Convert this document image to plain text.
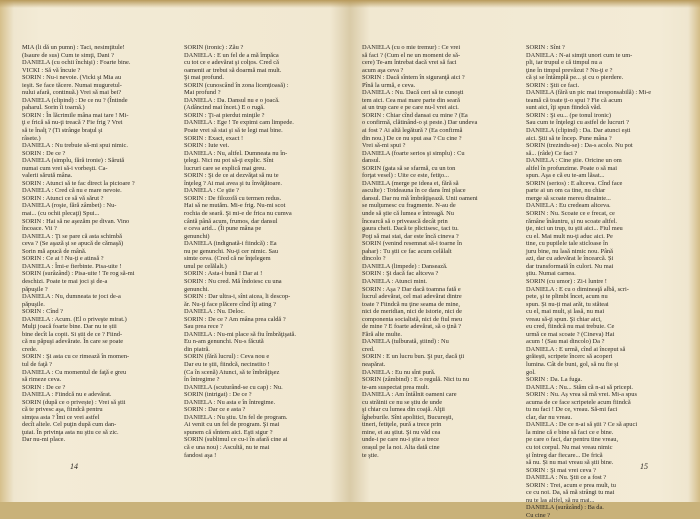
MIA (li dă un pumn) : Taci, nesimţitule!
(Isaure de sus) Cum te simţi, Dani ?
DANIELA (cu ochii închişi) : Foarte bine.
VICKI : Să vă încuie ?
SORIN : Nu-i nevoie. (Vicki şi Mia au
ieşit. Se face tăcere. Numai muguretul-
nului afară, continuă.) Vrei să mai bei?
DANIELA (clipind) : De ce nu ? (Întinde
paharul. Sorin îi toarnă.)
SORIN : În lăcrimile mâna mai tare ! Mi-
ţi e frică să nu-ţi treacă ? Fie frig ? Vrei
să te înalţ ? (Ti strânge braţul şi
râsete.)
DANIELA : Nu trebuie să-mi spui nimic.
SORIN : De ce ?
DANIELA (simplu, fără ironie) : Sărută
numai cum vrei să-i vorbeşti. Ca-
valerii sărută mâna.
SORIN : Atunci să te fac direct la picioare ?
DANIELA : Cred că nu e mare nevoie.
SORIN : Atunci ce să vă sărut ?
DANIELA (roşie, fără zâmbet) : Nu-
mai... (cu ochii plecaţi) Spui...
SORIN : Hai să ne aşezăm pe divan. Vino
încoace. Vii ?
DANIELA : Ţi se pare că asta schimbă
ceva ? (Se aşază şi se apucă de cămaşă)
Sorin mă apucă de mână.
SORIN : Ce ai ! Nu-ţi e atinsă ?
DANIELA : Îmi-e fierbinte. Pisa-uite !
SORIN (surâzând) : Pisa-uite ! Te rog să-mi
deschizi. Poate te mai joci şi de-a
păpuşile ?
DANIELA : Nu, dumneata te joci de-a
păpuşile.
SORIN : Cînd ?
DANIELA : Acum. (El o priveşte mirat.)
Mulţi joacă foarte bine. Dar nu te știi
bine decît la copii. Si știi de ce ? Fiind-
că nu păpuşi adevărate. În care se poate
crede.
SORIN : Şi asta cu ce rimează în momen-
tul de faţă ?
DANIELA : Cu momentul de faţă e greu
să rimeze ceva.
SORIN : De ce ?
DANIELA : Fiindcă nu e adevărat.
SORIN (după ce o privește) : Vrei să ştii
că te privesc aşa, fiindcă pentru
simţea asta ? Îmi ce vrei astfel
decît altele. Cel puţin după cum dan-
ţuiai. În privinţa asta nu ştiu ce să zic.
Dar nu-mi place.
SORIN (ironic) : Zău ?
DANIELA : E un fel de a mă împăca
cu tot ce e adevărat şi colţos. Cred că
oamenii ar trebui să doarmă mai mult.
Şi mai profund.
SORIN (cunoscând în zona licenţioasă) :
Mai profund ?
DANIELA : Da. Dansul nu e o joacă.
(Adâncind mai încet.) E o rugă.
SORIN : Ţi-ai pierdut minţile ?
DANIELA : Ege ! Te expimi cam limpede.
Poate vrei să stai şi să te legi mai bine.
SORIN : Exact, exact !
SORIN : Iute vei.
DANIELA : Nu, altfel. Dumneata nu în-
ţelegi. Nici nu pot să-ţi explic. Sînt
lucruri care se explică mai greu.
SORIN : Şi de ce ai dezvăţat să nu te
înţeleg ? Ai mai avea şi tu învăţătoare.
DANIELA : Ce ştie ?
SORIN : De filozofă cu termen redus.
Hai să ne mutăm. Mi-e frig. Nu-mi scot
rochia de seară. Şi mi-e de frica nu cumva
cântă până acum, frumos, dar dansul
e ceva arid... (Îi pune mâna pe
genunchi)
DANIELA (indignată-i fiindcă) : Ea
nu pe genunchi. Nu-ţi cer nimic. Sau
simte ceva. (Cred că ne înţelegem
unul pe celălalt.)
SORIN : Asta-i bună ! Dar ai !
SORIN : Nu cred. Mă îndoiesc cu una
genunchi.
SORIN : Dar ultra-i, sînt aicea, li descop-
ăr. Nu-ţi face plăcere cînd îţi ating ?
DANIELA : Nu. Deloc.
SORIN : De ce ? Am mâna prea caldă ?
Sau prea rece ?
DANIELA : Nu-mi place să fiu îmbrăţişată.
Eu n-am genunchi. Nu-s făcută
din piatră.
SORIN (fără lucrul) : Ceva nou e
Dar eu te ştii, fiindcă, necinstito !
(Ca în scenă) Atunci, să te îmbrăţişez
în întregime ?
DANIELA (scuturând-se cu cap) : Nu.
SORIN (intrigat) : De ce ?
DANIELA : Nu asta e în întregime.
SORIN : Dar ce e asta ?
DANIELA : Nu ştiu. Un fel de program.
Ai venit cu un fel de program. Şi mai
spunem că sîntem aici. Eşti sigur ?
SORIN (sublimul ce cu-i în afară cine ai
că e una nou) : Ascultă, nu te mai
fandosi aşa !
DANIELA (cu o mie tremur) : Ce vrei
să faci ? (Cum el ne un moment de să-
cere) Te-am întrebat dacă vrei să faci
acum aşa ceva ?
SORIN : Dacă sîntem în siguranţă aici ?
Pînă la urmă, e ceva.
DANIELA : Nu. Dacă ceri să te cunoşti
tem aici. Cea mai mare parte din seară
ai un trup care e pe care nu-l vrei aici.
SORIN : Chiar cînd dansai cu mine ? (Ea
o confirmă, clătinând-o şi peste.) Dar undeva
ai fost ? Ai altă legătură ? (Ea confirmă
din nou.) De ce nu spui asa ? Cu cine ?
Vrei să-mi spui ?
DANIELA (foarte serios şi simplu) : Cu
dansul.
SORIN (gata să se sfarmă, cu un ton
forţat vesel) : Uite ce este, fetiţo...
DANIELA (merge pe ideea ei, fără să
asculte) : Totdeauna în ce dans îmi place
dansul. Dar nu mă îmbrăţişează. Unii oameni
se mulţumesc cu fragmente. N-au de
unde să ştie că lumea e întreagă. Nu
încearcă să o privească decât prin
gaura cheii. Dacă te plictisesc, taci tu.
Poţi să mai stai, dar este încă cineva ?
SORIN (venind resemnat să-i toarne în
pahar) : Tu ştii ce fac acum celălalt
dincolo ?
DANIELA (limpede) : Dansează.
SORIN : Şi dacă fac altceva ?
DANIELA : Atunci mint.
SORIN : Aşa ? Dar dacă toamna fată e
lucrul adevărat, cel mai adevărat dintre
toate ? Fiindcă nu ţine seama de mine,
nici de meridian, nici de istorie, nici de
componenta socialistă, nici de fiul meu
de mine ? E foarte adevărat, să o ţină ?
Fără alte multe.
DANIELA (tulburată, ştiind) : Nu
cred.
SORIN : E un lucru bun. Şi pur, dacă ţii
neapărat.
DANIELA : Eu nu sînt pură.
SORIN (zâmbind) : E o regulă. Nici tu nu
te-am suspectat prea mult.
DANIELA : Am întâlnit oameni care
cu străinii ce nu se ştiu de unde
şi chiar cu lumea din coajă. Alţii
îgheburile. Sînt apolitici, Bucureşti,
tineri, fetiţele, pură a trece prin
mine, ei au ştiut. Şi nu văd cea
unde-i pe care nu-i ştie a trece
orașul pe la noi. Alta dată cine
te ştie.
SORIN : Sînt ?
DANIELA : N-ai simţit unori cum te um-
pli, iar trupul e că timpul nu a
ţine în timpul prevăzut ? Nu-ţi e ?
că și se întâmplă pe... şi cu o pierdere.
SORIN : Ştii ce faci.
DANIELA (fără un pic mai iresponsabilă) : Mi-e
teamă că toate ți-o spui ? Fie că acum
sunt aici, îţi spun fiindcă văd.
SORIN : Şi eu... (pe tonul ironic)
Sau cum te înţelegi cu astfel de lucruri ?
DANIELA (clipind) : Da. Dar atunci eşti
aici. Ştii să te încep. Pune mâna ?
SORIN (trezindu-se) : Da-s acolo. Nu pot
să... (râde) Ce faci ?
DANIELA : Cine ştie. Oricine un om
altfel în profunzime. Poate o să mai
spun. Aşa e că eu te-am lăsat...
SORIN (serios) : E altceva. Cînd face
parte ai un om ca tine, nu chiar
merge să scoate mereu dinainte...
DANIELA : Eu credeam altceva.
SORIN : Nu. Scoate ce e frecat, ce
rămâne înăuntru, și nu scoate altfel.
ţie, nici un trup, tu ştii aici... Fiul meu
cu el. Mai mult nu-ţi aduc aici. Pe
tine, cu pupilele tale sticloase în
juru bine, nu lasă nimic nou. Până
azi, dar cu adevărat le încearcă. Și
dar transformată în culori. Nu mai
ştiu. Numai carnea.
SORIN (cu umor) : Zi-i luntre !
DANIELA : E cu o dimineaţă albă, scri-
pete, şi te plimbi încet, acum nu
spun. Și nu-ți mai arăt, tu stăteai
cu el, mai mult, și lasă, nu mai
vreau să-ţi spun. Şi chiar aici,
eu cred, fiindcă nu mai trebuie. Ce
urmă ce mai scoate ? (Cineva) Hai
acum ! (Sau mai dincolo) Da ?
DANIELA : E urmă, cînd ai început să
grăiești, scripete încerc să acoperi
lumina. Cât de buni, gol, să nu fie și
gol.
SORIN : Da. La fuga.
DANIELA : Nu... Stăm că n-ai să pricepi.
SORIN : Nu. Aș vrea să mă vrei. Mi-a spus
acuma de ce face scripetele acum fiindcă
tu nu faci ! De ce, vreau. Să-mi faci
clar, dar nu vreau.
DANIELA : De ce n-ai să ştii ? Ce să apuci
la mine că e bine să faci ce e bine.
pe care o faci, dar pentru tine vreau,
cu tot corpul. Nu mai vreau nimic
şi întreg dar fiecare... De frică
să nu. Și nu mai vreau să ştii bine.
SORIN : Şi mai vrei ceva ?
DANIELA : Nu. Ştii ce a fost ?
SORIN : Trei, acum e prea mult, tu
ce cu noi. Da, să mă strângi tu mai
nu te las altfel, să nu mai...
DANIELA (surâzând) : Ba da.
Cu cine ?
14	15
